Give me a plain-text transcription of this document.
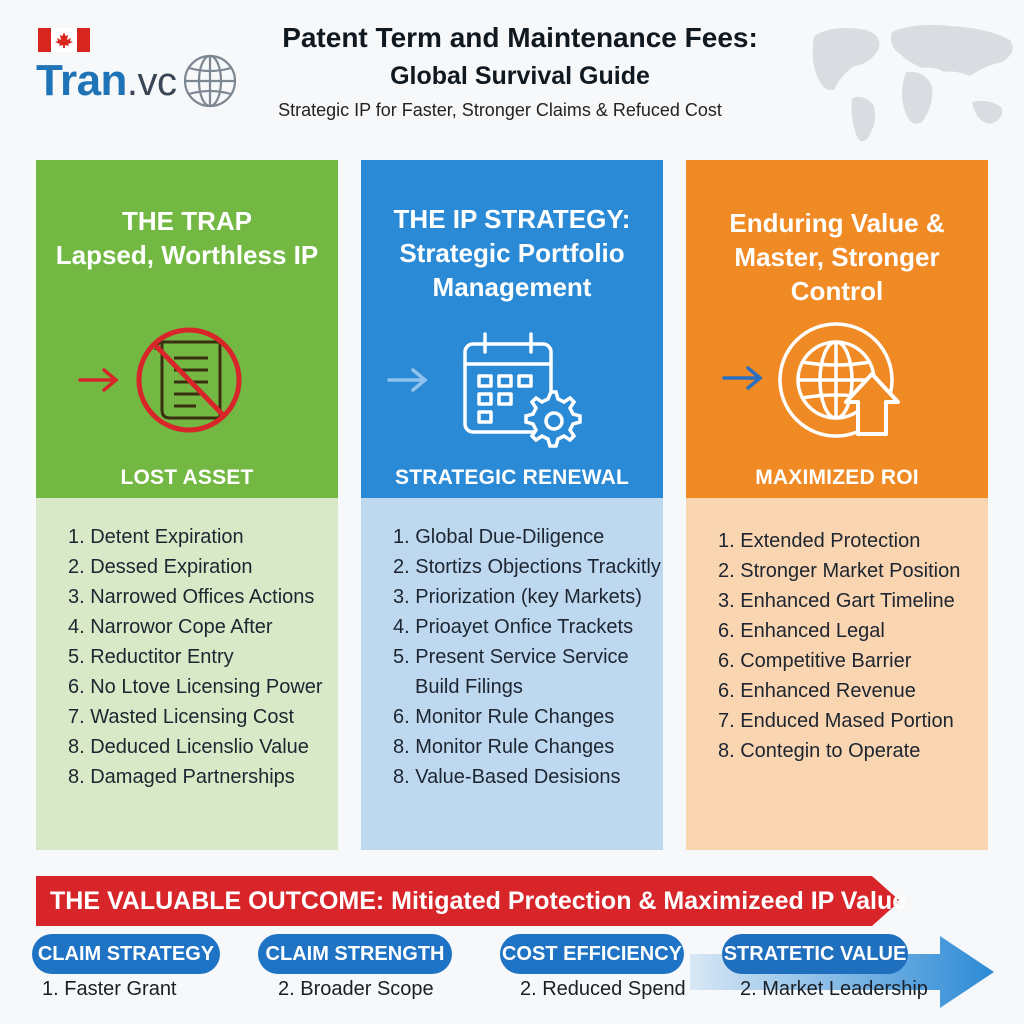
Tran.vc
Patent Term and Maintenance Fees:
Global Survival Guide
Strategic IP for Faster, Stronger Claims & Refuced Cost
THE TRAP
Lapsed, Worthless IP
LOST ASSET
1. Detent Expiration
2. Dessed Expiration
3. Narrowed Offices Actions
4. Narrowor Cope After
5. Reductitor Entry
6. No Ltove Licensing Power
7. Wasted Licensing Cost
8. Deduced Licenslio Value
8. Damaged Partnerships
THE IP STRATEGY:
Strategic Portfolio
Management
STRATEGIC RENEWAL
1. Global Due-Diligence
2. Stortizs Objections Trackitly
3. Priorization (key Markets)
4. Prioayet Onfice Trackets
5. Present Service Service
Build Filings
6. Monitor Rule Changes
8. Monitor Rule Changes
8. Value-Based Desisions
Enduring Value &
Master, Stronger Control
MAXIMIZED ROI
1. Extended Protection
2. Stronger Market Position
3. Enhanced Gart Timeline
6. Enhanced Legal
6. Competitive Barrier
6. Enhanced Revenue
7. Enduced Mased Portion
8. Contegin to Operate
THE VALUABLE OUTCOME: Mitigated Protection & Maximizeed IP Value
CLAIM STRATEGY
1. Faster Grant
CLAIM STRENGTH
2. Broader Scope
COST EFFICIENCY
2. Reduced Spend
STRATETIC VALUE
2. Market Leadership
